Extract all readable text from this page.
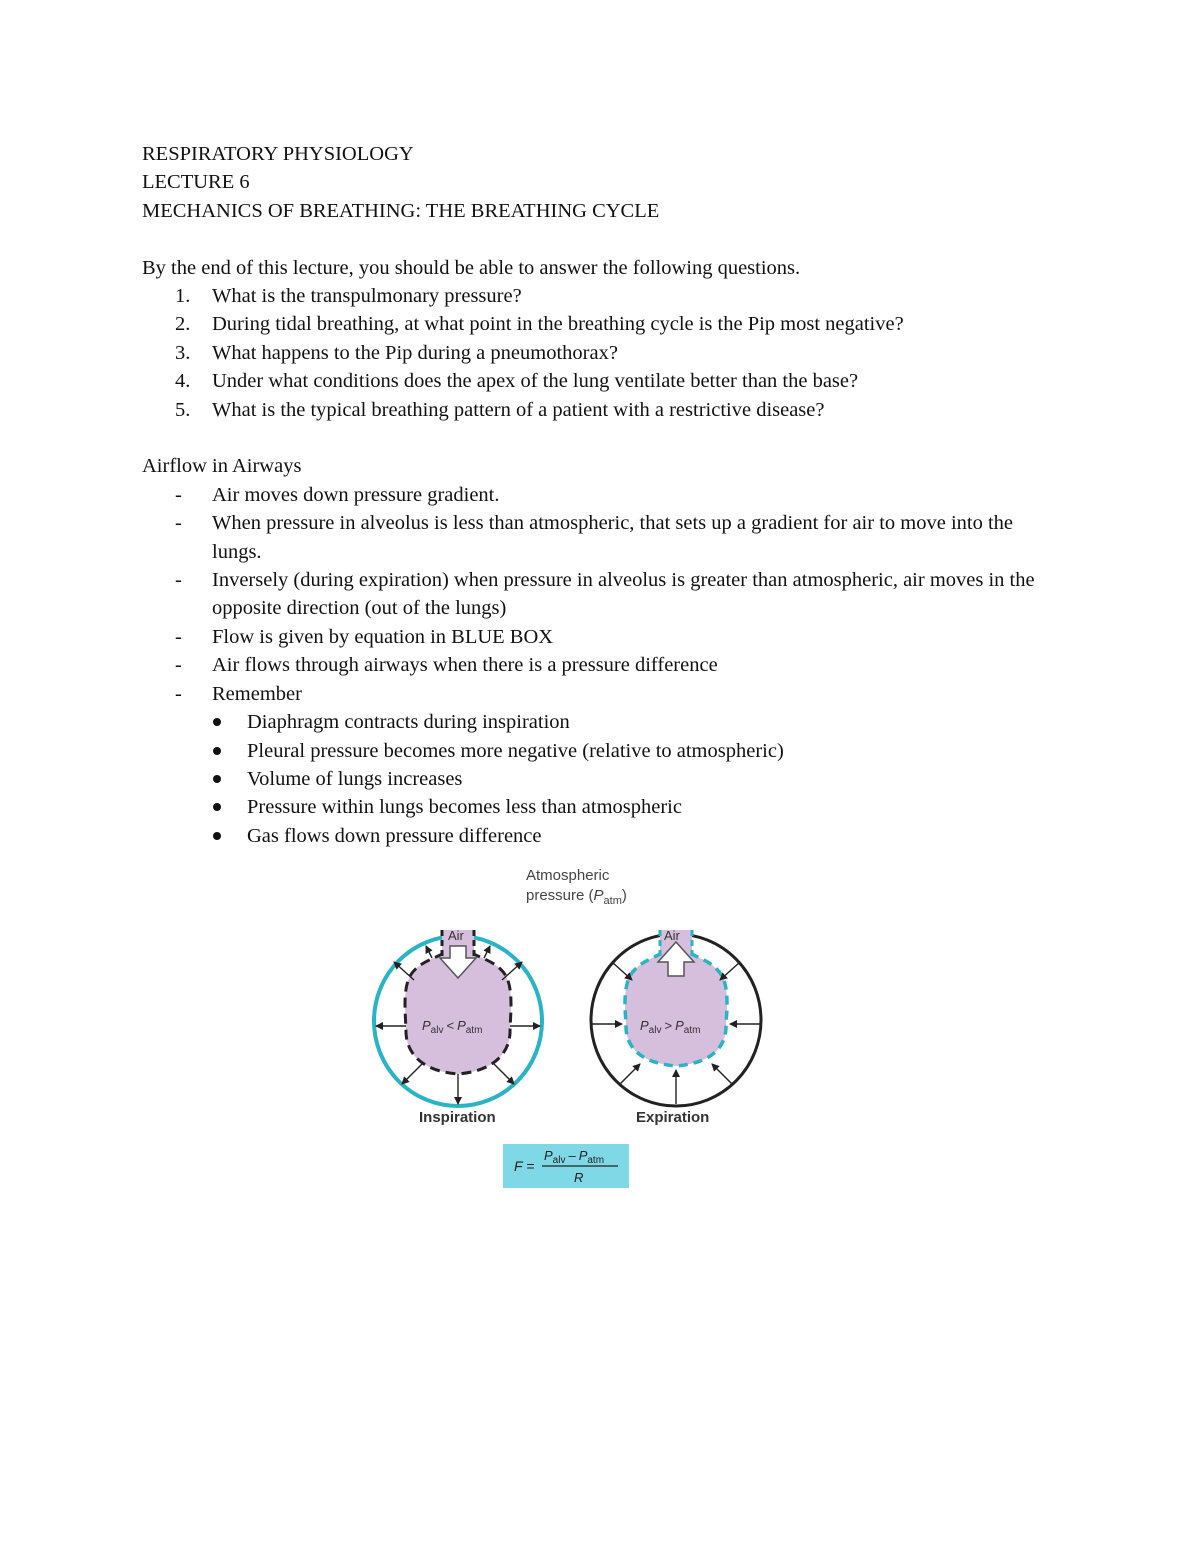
RESPIRATORY PHYSIOLOGY
LECTURE 6
MECHANICS OF BREATHING: THE BREATHING CYCLE
By the end of this lecture, you should be able to answer the following questions.
1. What is the transpulmonary pressure?
2. During tidal breathing, at what point in the breathing cycle is the Pip most negative?
3. What happens to the Pip during a pneumothorax?
4. Under what conditions does the apex of the lung ventilate better than the base?
5. What is the typical breathing pattern of a patient with a restrictive disease?
Airflow in Airways
- Air moves down pressure gradient.
- When pressure in alveolus is less than atmospheric, that sets up a gradient for air to move into the lungs.
- Inversely (during expiration) when pressure in alveolus is greater than atmospheric, air moves in the opposite direction (out of the lungs)
- Flow is given by equation in BLUE BOX
- Air flows through airways when there is a pressure difference
- Remember
Diaphragm contracts during inspiration
Pleural pressure becomes more negative (relative to atmospheric)
Volume of lungs increases
Pressure within lungs becomes less than atmospheric
Gas flows down pressure difference
Atmospheric
pressure $(P_{atm})$
Air
$P_{alv} < P_{atm}$
Inspiration
Air
$P_{alv} > P_{atm}$
Expiration
F =
$P_{alv} - P_{atm}$
R
